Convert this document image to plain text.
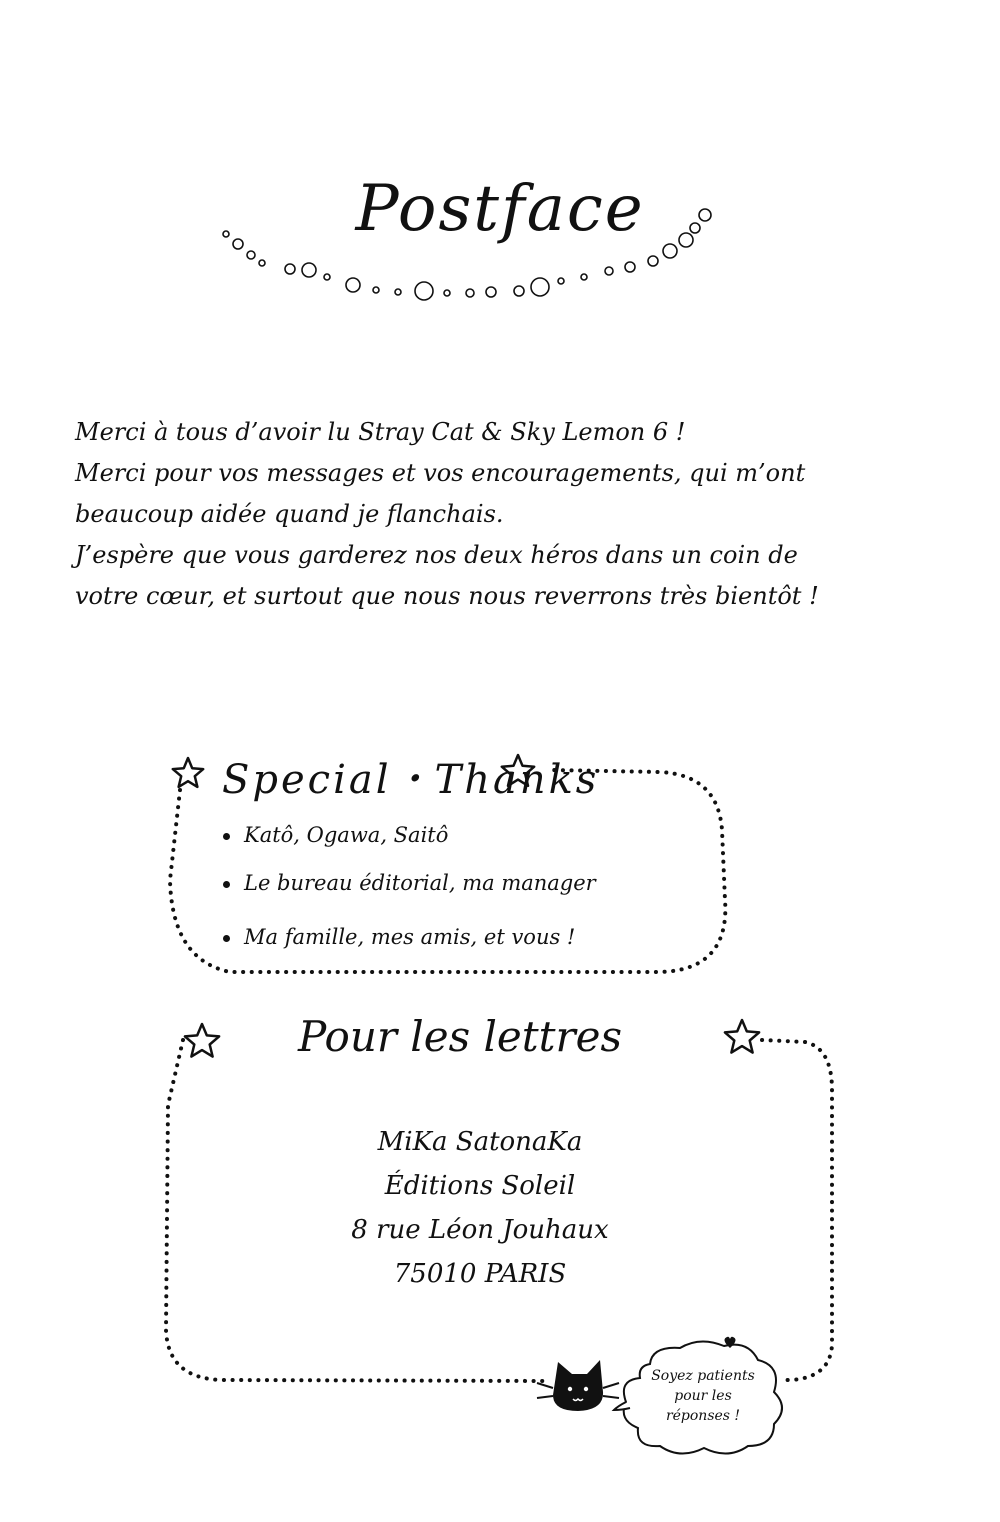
Postface

Merci à tous d’avoir lu Stray Cat & Sky Lemon 6 !

Merci pour vos messages et vos encouragements, qui m’ont

beaucoup aidée quand je flanchais.

J’espère que vous garderez nos deux héros dans un coin de

votre cœur, et surtout que nous nous reverrons très bientôt !

Special・Thanks
Katô, Ogawa, Saitô
Le bureau éditorial, ma manager
Ma famille, mes amis, et vous !
Pour les lettres
MiKa SatonaKa
Éditions Soleil
8 rue Léon Jouhaux
75010 PARIS
Soyez patients
pour les
réponses !
